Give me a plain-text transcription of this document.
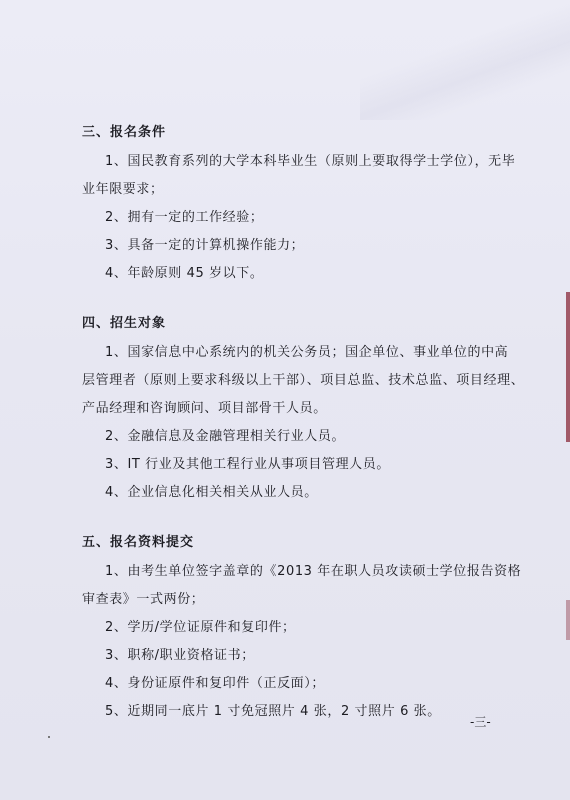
三、报名条件
1、国民教育系列的大学本科毕业生（原则上要取得学士学位），无毕
业年限要求；
2、拥有一定的工作经验；
3、具备一定的计算机操作能力；
4、年龄原则 45 岁以下。
四、招生对象
1、国家信息中心系统内的机关公务员；国企单位、事业单位的中高
层管理者（原则上要求科级以上干部）、项目总监、技术总监、项目经理、
产品经理和咨询顾问、项目部骨干人员。
2、金融信息及金融管理相关行业人员。
3、IT 行业及其他工程行业从事项目管理人员。
4、企业信息化相关相关从业人员。
五、报名资料提交
1、由考生单位签字盖章的《2013 年在职人员攻读硕士学位报告资格
审查表》一式两份；
2、学历/学位证原件和复印件；
3、职称/职业资格证书；
4、身份证原件和复印件（正反面）；
5、近期同一底片 1 寸免冠照片 4 张，2 寸照片 6 张。
-三-
